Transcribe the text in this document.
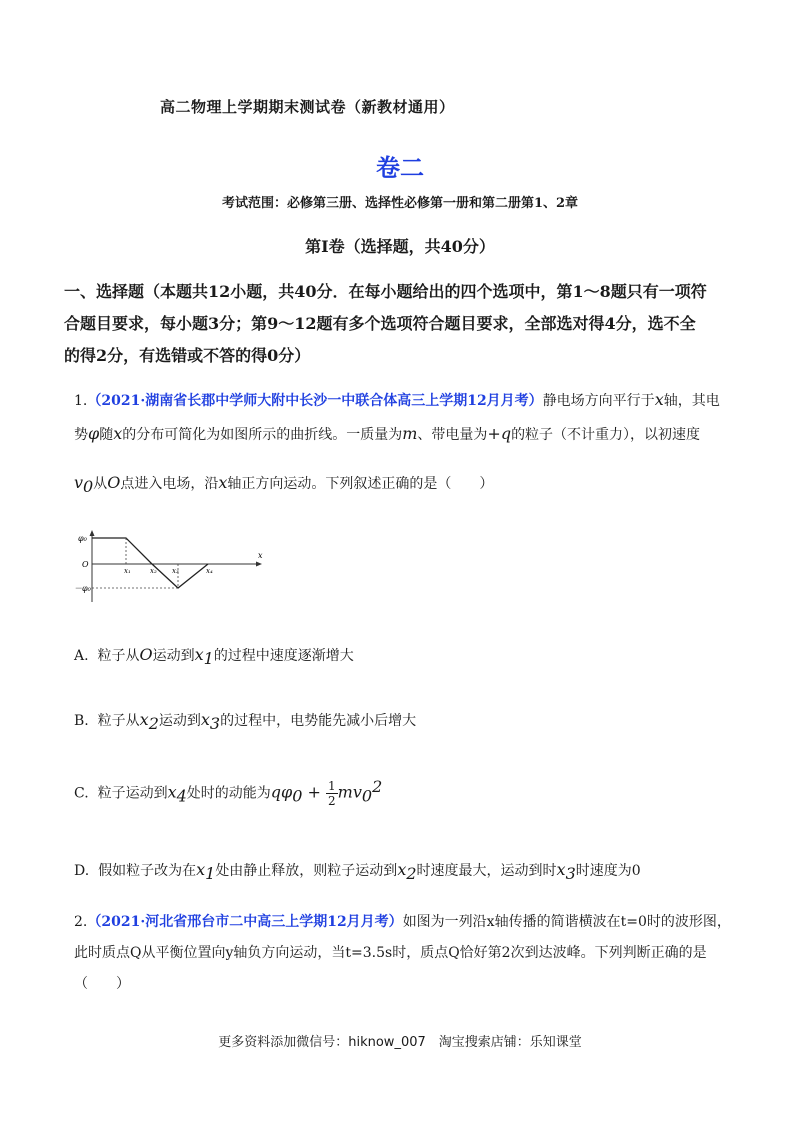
高二物理上学期期末测试卷（新教材通用）
卷二
考试范围：必修第三册、选择性必修第一册和第二册第1、2章
第Ⅰ卷（选择题，共40分）
一、选择题（本题共12小题，共40分．在每小题给出的四个选项中，第1～8题只有一项符
合题目要求，每小题3分；第9～12题有多个选项符合题目要求，全部选对得4分，选不全
的得2分，有选错或不答的得0分）
1.（2021·湖南省长郡中学师大附中长沙一中联合体高三上学期12月月考）静电场方向平行于x轴，其电
势φ随x的分布可简化为如图所示的曲折线。一质量为m、带电量为+q的粒子（不计重力），以初速度
$v_0$从O点进入电场，沿x轴正方向运动。下列叙述正确的是（　　）
φ₀
O
－φ₀
x
x₁	x₂ x₃	x₄
A. 粒子从O运动到$x_1$的过程中速度逐渐增大
B. 粒子从$x_2$运动到$x_3$的过程中，电势能先减小后增大
C. 粒子运动到$x_4$处时的动能为$q\varphi_0 + \frac{1}{2} mv_0^2$
D. 假如粒子改为在$x_1$处由静止释放，则粒子运动到$x_2$时速度最大，运动到时$x_3$时速度为0
2.（2021·河北省邢台市二中高三上学期12月月考）如图为一列沿x轴传播的简谐横波在t=0时的波形图，
此时质点Q从平衡位置向y轴负方向运动，当t=3.5s时，质点Q恰好第2次到达波峰。下列判断正确的是
（　　）
更多资料添加微信号：hiknow_007　淘宝搜索店铺：乐知课堂
